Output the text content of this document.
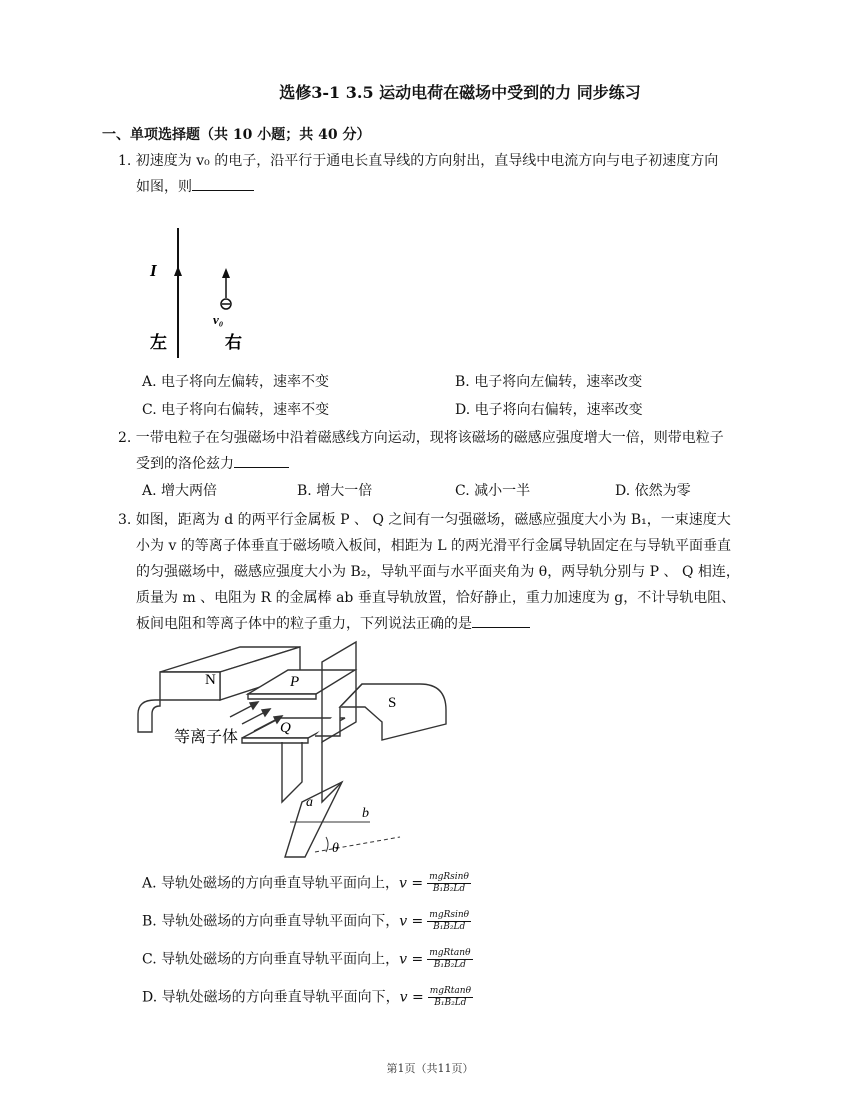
选修3-1 3.5 运动电荷在磁场中受到的力 同步练习
一、单项选择题（共 10 小题；共 40 分）
1. 初速度为 v₀ 的电子，沿平行于通电长直导线的方向射出，直导线中电流方向与电子初速度方向
如图，则
I
v₀
左	右
A. 电子将向左偏转，速率不变	B. 电子将向左偏转，速率改变
C. 电子将向右偏转，速率不变	D. 电子将向右偏转，速率改变
2. 一带电粒子在匀强磁场中沿着磁感线方向运动，现将该磁场的磁感应强度增大一倍，则带电粒子
受到的洛伦兹力
A. 增大两倍	B. 增大一倍	C. 减小一半	D. 依然为零
3. 如图，距离为 d 的两平行金属板 P 、 Q 之间有一匀强磁场，磁感应强度大小为 B₁，一束速度大
小为 v 的等离子体垂直于磁场喷入板间，相距为 L 的两光滑平行金属导轨固定在与导轨平面垂直
的匀强磁场中，磁感应强度大小为 B₂，导轨平面与水平面夹角为 θ，两导轨分别与 P 、 Q 相连，
质量为 m 、电阻为 R 的金属棒 ab 垂直导轨放置，恰好静止，重力加速度为 g，不计导轨电阻、
板间电阻和等离子体中的粒子重力，下列说法正确的是
N
S
P
Q
等离子体
a
b
θ
A. 导轨处磁场的方向垂直导轨平面向上，$v = \frac{\text{mgRsinθ}}{\text{B₁B₂Ld}}$
B. 导轨处磁场的方向垂直导轨平面向下，$v = \frac{\text{mgRsinθ}}{\text{B₁B₂Ld}}$
C. 导轨处磁场的方向垂直导轨平面向上，$v = \frac{\text{mgRtanθ}}{\text{B₁B₂Ld}}$
D. 导轨处磁场的方向垂直导轨平面向下，$v = \frac{\text{mgRtanθ}}{\text{B₁B₂Ld}}$
第1页（共11页）
